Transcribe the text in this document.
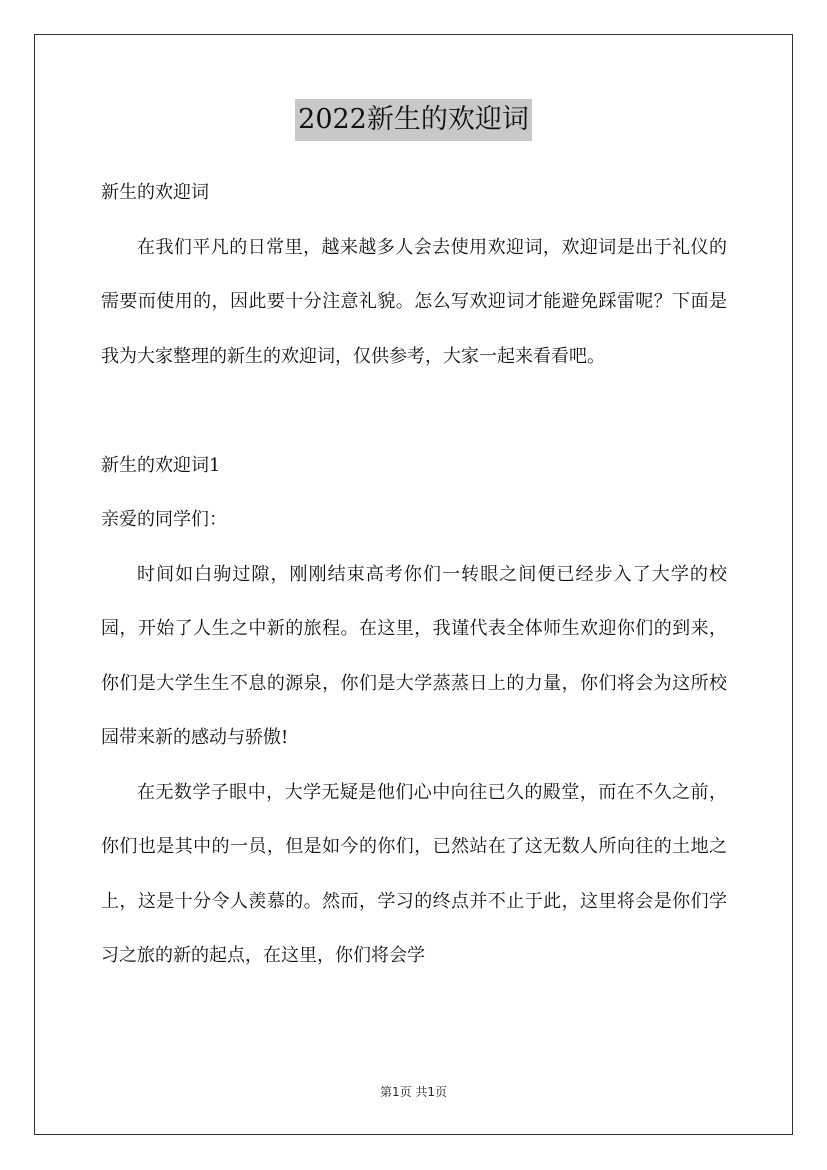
2022新生的欢迎词

新生的欢迎词

在我们平凡的日常里，越来越多人会去使用欢迎词，欢迎词是出于礼仪的需要而使用的，因此要十分注意礼貌。怎么写欢迎词才能避免踩雷呢？下面是我为大家整理的新生的欢迎词，仅供参考，大家一起来看看吧。

新生的欢迎词1

亲爱的同学们：

时间如白驹过隙，刚刚结束高考你们一转眼之间便已经步入了大学的校园，开始了人生之中新的旅程。在这里，我谨代表全体师生欢迎你们的到来，你们是大学生生不息的源泉，你们是大学蒸蒸日上的力量，你们将会为这所校园带来新的感动与骄傲!

在无数学子眼中，大学无疑是他们心中向往已久的殿堂，而在不久之前，你们也是其中的一员，但是如今的你们，已然站在了这无数人所向往的土地之上，这是十分令人羡慕的。然而，学习的终点并不止于此，这里将会是你们学习之旅的新的起点，在这里，你们将会学

第1页 共1页
